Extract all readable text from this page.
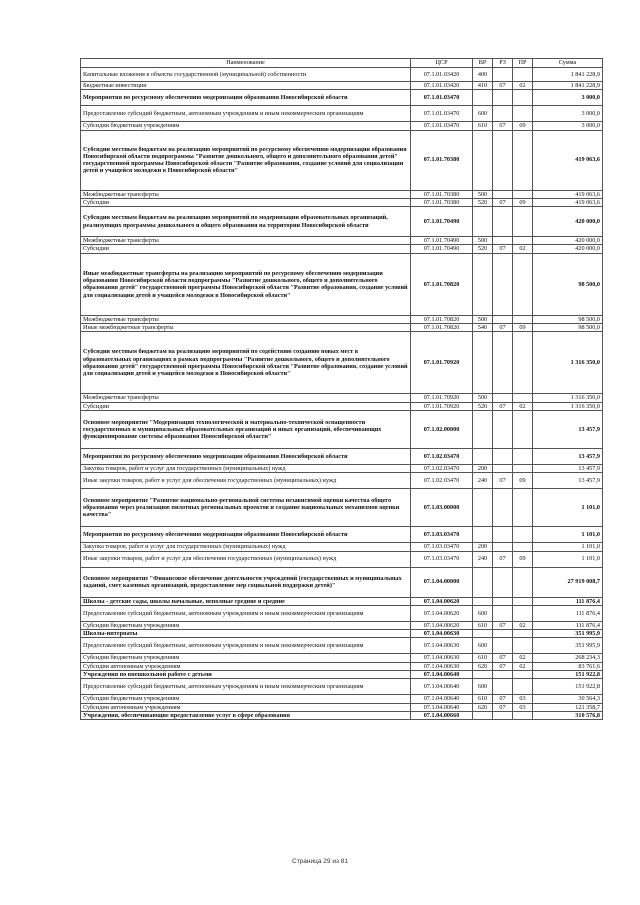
Наименование	ЦСР	ВР	РЗ	ПР	Сумма
Капитальные вложения в объекты государственной (муниципальной) собственности	07.1.01.03420	400			1 841 228,9
Бюджетные инвестиции	07.1.01.03420	410	07	02	1 841 228,9
Мероприятия по ресурсному обеспечению модернизации образования Новосибирской области	07.1.01.03470				3 000,0
Предоставление субсидий бюджетным, автономным учреждениям и иным некоммерческим организациям	07.1.01.03470	600			3 000,0
Субсидии бюджетным учреждениям	07.1.01.03470	610	07	09	3 000,0
Субсидии местным бюджетам на реализацию мероприятий по ресурсному обеспечению модернизации образования Новосибирской области подпрограммы "Развитие дошкольного, общего и дополнительного образования детей" государственной программы Новосибирской области "Развитие образования, создание условий для социализации детей и учащейся молодежи в Новосибирской области"	07.1.01.70380				419 063,6
Межбюджетные трансферты	07.1.01.70380	500			419 063,6
Субсидии	07.1.01.70380	520	07	09	419 063,6
Субсидии местным бюджетам на реализацию мероприятий по модернизации образовательных организаций, реализующих программы дошкольного и общего образования на территории Новосибирской области	07.1.01.70490				420 000,0
Межбюджетные трансферты	07.1.01.70490	500			420 000,0
Субсидии	07.1.01.70490	520	07	02	420 000,0
Иные межбюджетные трансферты на реализацию мероприятий по ресурсному обеспечению модернизации образования Новосибирской области подпрограммы "Развитие дошкольного, общего и дополнительного образования детей" государственной программы Новосибирской области "Развитие образования, создание условий для социализации детей и учащейся молодежи в Новосибирской области"	07.1.01.70820				98 500,0
Межбюджетные трансферты	07.1.01.70820	500			98 500,0
Иные межбюджетные трансферты	07.1.01.70820	540	07	09	98 500,0
Субсидии местным бюджетам на реализацию мероприятий по содействию созданию новых мест в образовательных организациях в рамках подпрограммы "Развитие дошкольного, общего и дополнительного образования детей" государственной программы Новосибирской области "Развитие образования, создание условий для социализации детей и учащейся молодежи в Новосибирской области"	07.1.01.70920				1 316 350,0
Межбюджетные трансферты	07.1.01.70920	500			1 316 350,0
Субсидии	07.1.01.70920	520	07	02	1 316 350,0
Основное мероприятие "Модернизация технологической и материально-технической оснащенности государственных и муниципальных образовательных организаций и иных организаций, обеспечивающих функционирование системы образования Новосибирской области"	07.1.02.00000				13 457,9
Мероприятия по ресурсному обеспечению модернизации образования Новосибирской области	07.1.02.03470				13 457,9
Закупка товаров, работ и услуг для государственных (муниципальных) нужд	07.1.02.03470	200			13 457,9
Иные закупки товаров, работ и услуг для обеспечения государственных (муниципальных) нужд	07.1.02.03470	240	07	09	13 457,9
Основное мероприятие "Развитие национально-региональной системы независимой оценки качества общего образования через реализацию пилотных региональных проектов и создание национальных механизмов оценки качества"	07.1.03.00000				1 101,0
Мероприятия по ресурсному обеспечению модернизации образования Новосибирской области	07.1.03.03470				1 101,0
Закупка товаров, работ и услуг для государственных (муниципальных) нужд	07.1.03.03470	200			1 101,0
Иные закупки товаров, работ и услуг для обеспечения государственных (муниципальных) нужд	07.1.03.03470	240	07	09	1 101,0
Основное мероприятие "Финансовое обеспечение деятельности учреждений (государственных и муниципальных заданий, смет казенных организаций, предоставление мер социальной поддержки детей)"	07.1.04.00000				27 919 008,7
Школы - детские сады, школы начальные, неполные средние и средние	07.1.04.00620				111 876,4
Предоставление субсидий бюджетным, автономным учреждениям и иным некоммерческим организациям	07.1.04.00620	600			111 876,4
Субсидии бюджетным учреждениям	07.1.04.00620	610	07	02	111 876,4
Школы-интернаты	07.1.04.00630				351 995,9
Предоставление субсидий бюджетным, автономным учреждениям и иным некоммерческим организациям	07.1.04.00630	600			351 995,9
Субсидии бюджетным учреждениям	07.1.04.00630	610	07	02	268 234,3
Субсидии автономным учреждениям	07.1.04.00630	620	07	02	83 761,6
Учреждения по внешкольной работе с детьми	07.1.04.00640				151 922,8
Предоставление субсидий бюджетным, автономным учреждениям и иным некоммерческим организациям	07.1.04.00640	600			151 922,8
Субсидии бюджетным учреждениям	07.1.04.00640	610	07	03	30 564,3
Субсидии автономным учреждениям	07.1.04.00640	620	07	03	121 358,7
Учреждения, обеспечивающие предоставление услуг в сфере образования	07.1.04.00660				310 576,8
Страница 29 из 81
